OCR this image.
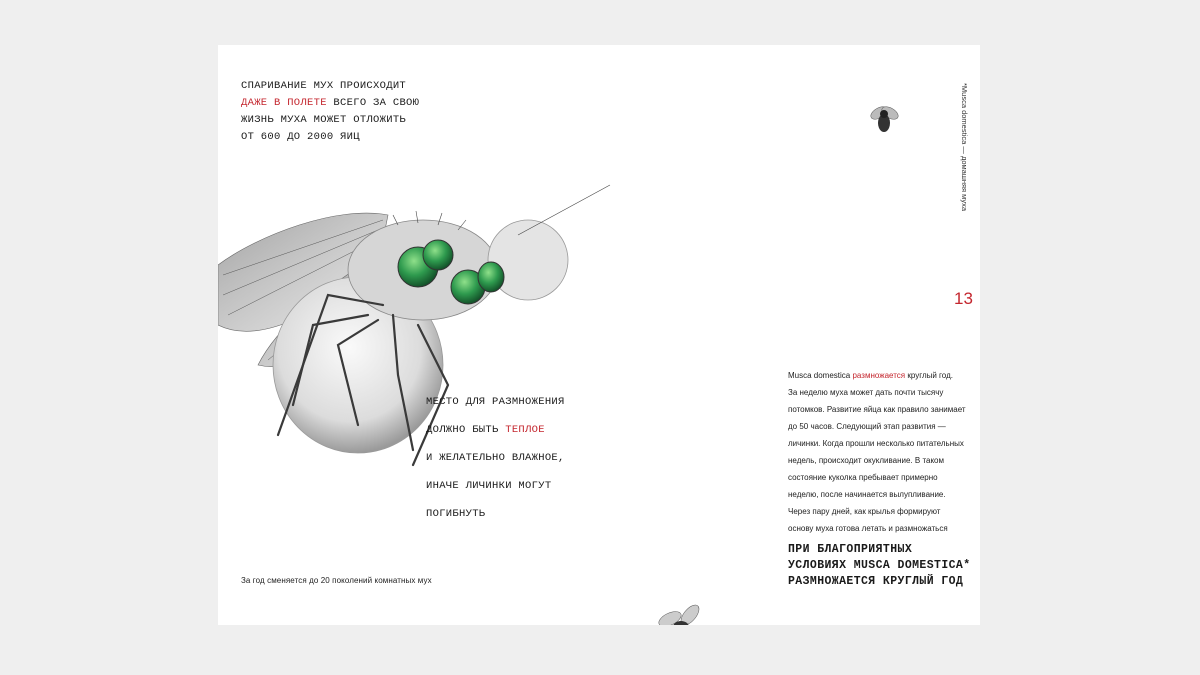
СПАРИВАНИЕ МУХ ПРОИСХОДИТ
ДАЖЕ В ПОЛЕТЕ ВСЕГО ЗА СВОЮ
ЖИЗНЬ МУХА МОЖЕТ ОТЛОЖИТЬ
ОТ 600 ДО 2000 ЯИЦ
МЕСТО ДЛЯ РАЗМНОЖЕНИЯ
ДОЛЖНО БЫТЬ ТЕПЛОЕ
И ЖЕЛАТЕЛЬНО ВЛАЖНОЕ,
ИНАЧЕ ЛИЧИНКИ МОГУТ
ПОГИБНУТЬ
За год сменяется до 20 поколений комнатных мух
*Musca domestica — домашняя муха
13

Musca domestica размножается круглый год.

За неделю муха может дать почти тысячу

потомков. Развитие яйца как правило занимает

до 50 часов. Следующий этап развития —

личинки. Когда прошли несколько питательных

недель, происходит окукливание. В таком

состояние куколка пребывает примерно

неделю, после начинается вылупливание.

Через пару дней, как крылья формируют

основу муха готова летать и размножаться

ПРИ БЛАГОПРИЯТНЫХ
УСЛОВИЯХ MUSCA DOMESTICA*
РАЗМНОЖАЕТСЯ КРУГЛЫЙ ГОД
